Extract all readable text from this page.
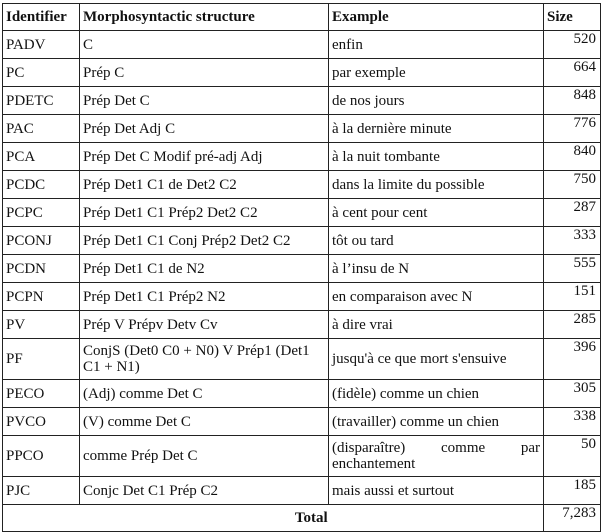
Identifier	Morphosyntactic structure	Example	Size
PADV	C	enfin	520
PC	Prép C	par exemple	664
PDETC	Prép Det C	de nos jours	848
PAC	Prép Det Adj C	à la dernière minute	776
PCA	Prép Det C Modif pré-adj Adj	à la nuit tombante	840
PCDC	Prép Det1 C1 de Det2 C2	dans la limite du possible	750
PCPC	Prép Det1 C1 Prép2 Det2 C2	à cent pour cent	287
PCONJ	Prép Det1 C1 Conj Prép2 Det2 C2	tôt ou tard	333
PCDN	Prép Det1 C1 de N2	à l’insu de N	555
PCPN	Prép Det1 C1 Prép2 N2	en comparaison avec N	151
PV	Prép V Prépv Detv Cv	à dire vrai	285
PF	ConjS (Det0 C0 + N0) V Prép1 (Det1 C1 + N1)	jusqu'à ce que mort s'ensuive	396
PECO	(Adj) comme Det C	(fidèle) comme un chien	305
PVCO	(V) comme Det C	(travailler) comme un chien	338
PPCO	comme Prép Det C	(disparaître) comme par enchantement	50
PJC	Conjc Det C1 Prép C2	mais aussi et surtout	185
	Total		7,283
